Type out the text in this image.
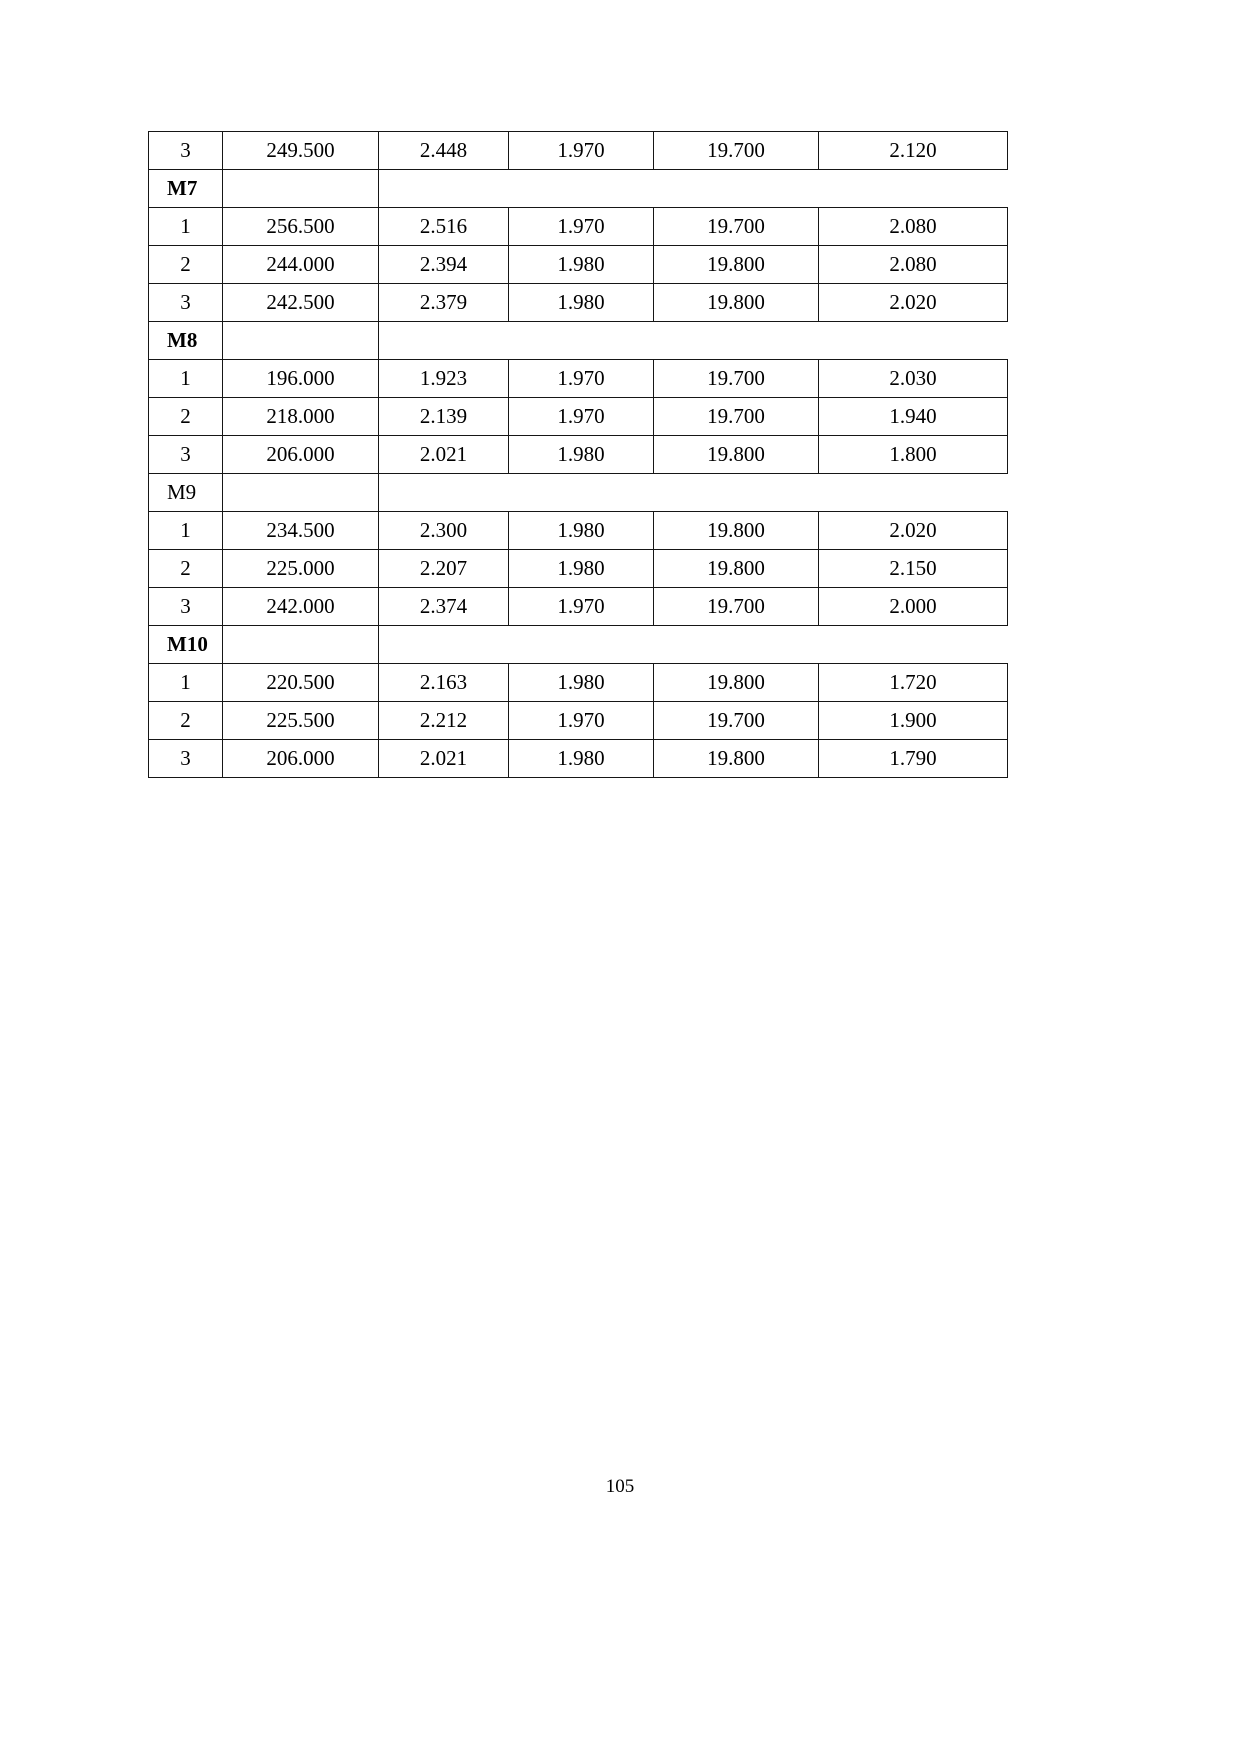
3	249.500	2.448	1.970	19.700	2.120
M7					
1	256.500	2.516	1.970	19.700	2.080
2	244.000	2.394	1.980	19.800	2.080
3	242.500	2.379	1.980	19.800	2.020
M8					
1	196.000	1.923	1.970	19.700	2.030
2	218.000	2.139	1.970	19.700	1.940
3	206.000	2.021	1.980	19.800	1.800
M9					
1	234.500	2.300	1.980	19.800	2.020
2	225.000	2.207	1.980	19.800	2.150
3	242.000	2.374	1.970	19.700	2.000
M10					
1	220.500	2.163	1.980	19.800	1.720
2	225.500	2.212	1.970	19.700	1.900
3	206.000	2.021	1.980	19.800	1.790
105
